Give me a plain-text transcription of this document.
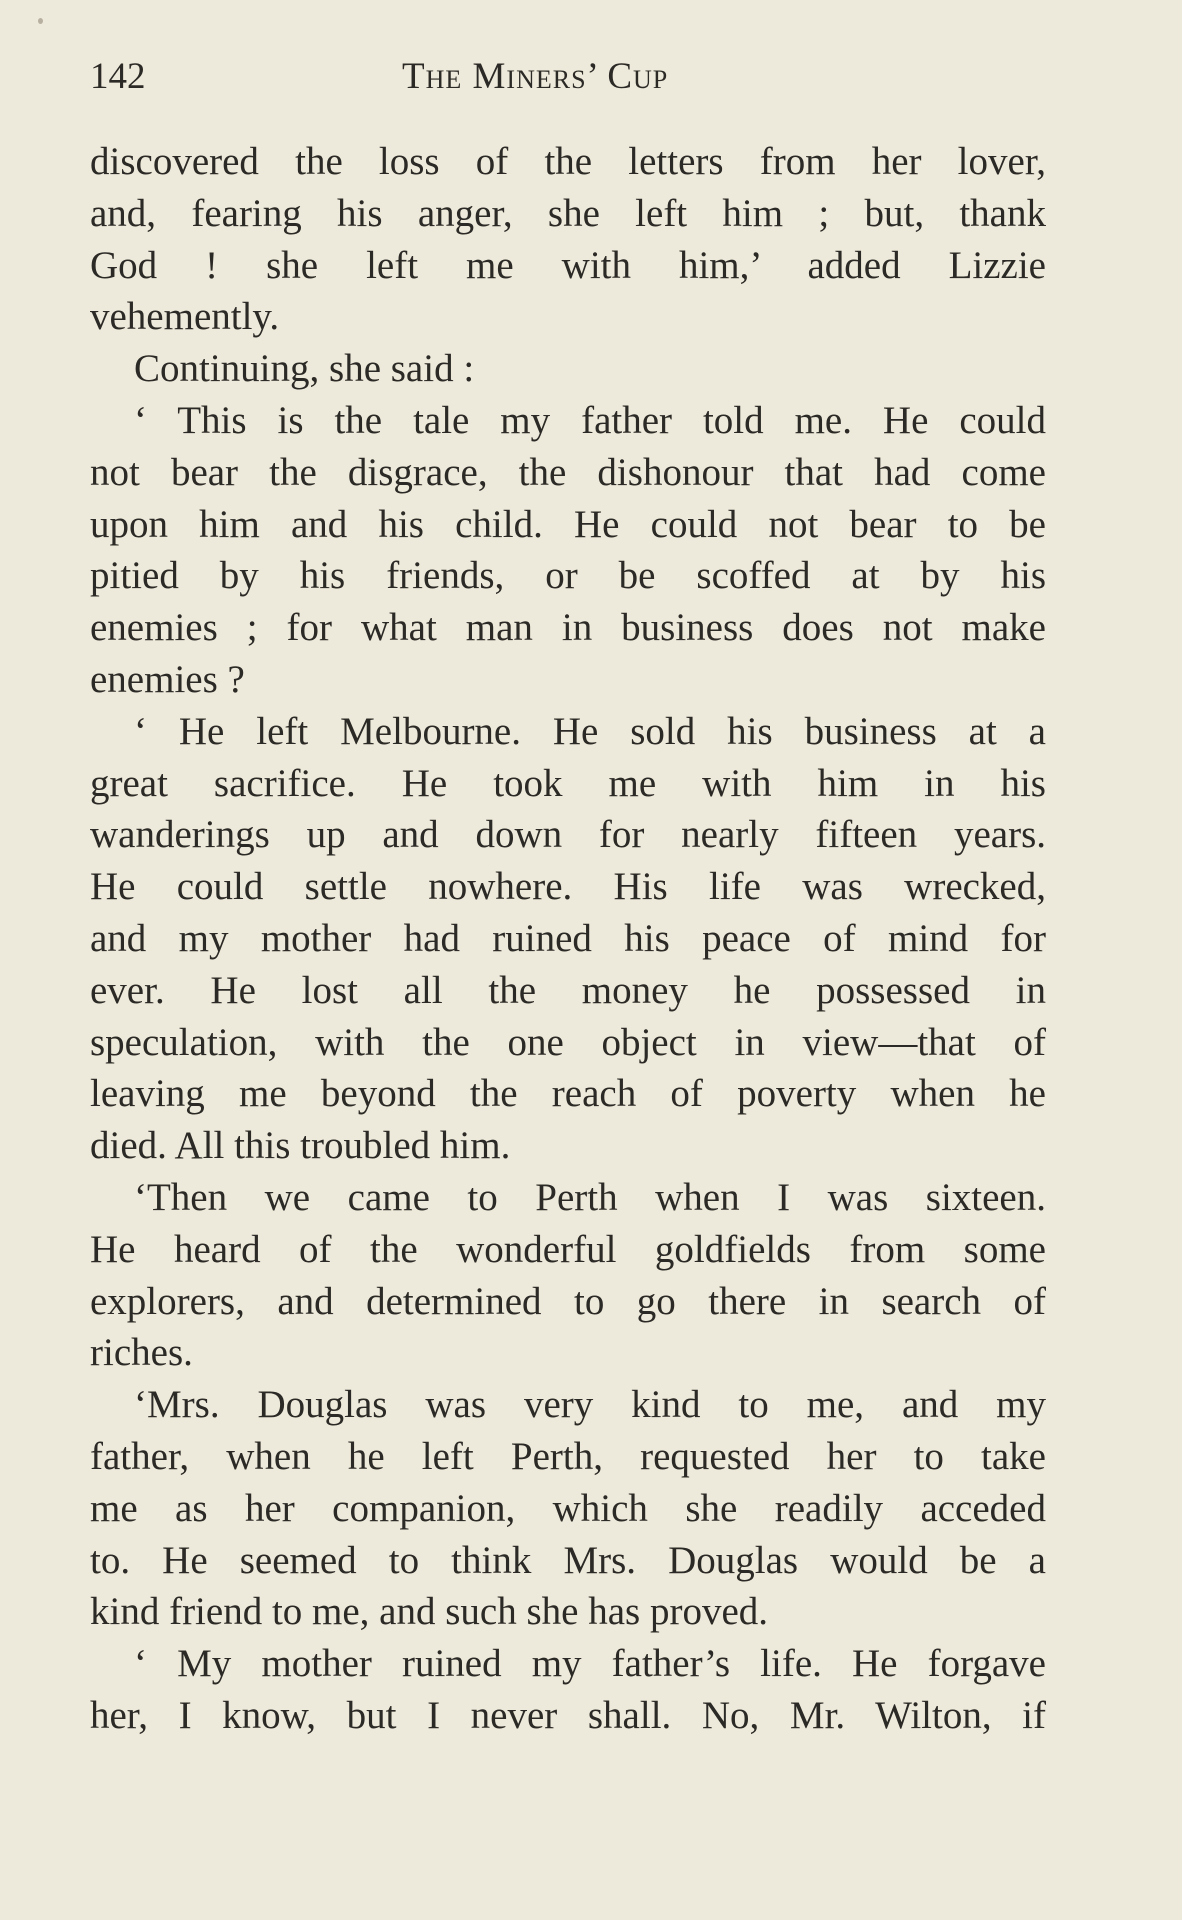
142	The Miners’ Cup
discovered the loss of the letters from her lover,
and, fearing his anger, she left him ; but, thank
God ! she left me with him,’ added Lizzie
vehemently.
Continuing, she said :
‘ This is the tale my father told me. He could
not bear the disgrace, the dishonour that had come
upon him and his child. He could not bear to be
pitied by his friends, or be scoffed at by his
enemies ; for what man in business does not make
enemies ?
‘ He left Melbourne. He sold his business at a
great sacrifice. He took me with him in his
wanderings up and down for nearly fifteen years.
He could settle nowhere. His life was wrecked,
and my mother had ruined his peace of mind for
ever. He lost all the money he possessed in
speculation, with the one object in view—that of
leaving me beyond the reach of poverty when he
died. All this troubled him.
‘Then we came to Perth when I was sixteen.
He heard of the wonderful goldfields from some
explorers, and determined to go there in search of
riches.
‘Mrs. Douglas was very kind to me, and my
father, when he left Perth, requested her to take
me as her companion, which she readily acceded
to. He seemed to think Mrs. Douglas would be a
kind friend to me, and such she has proved.
‘ My mother ruined my father’s life. He forgave
her, I know, but I never shall. No, Mr. Wilton, if
